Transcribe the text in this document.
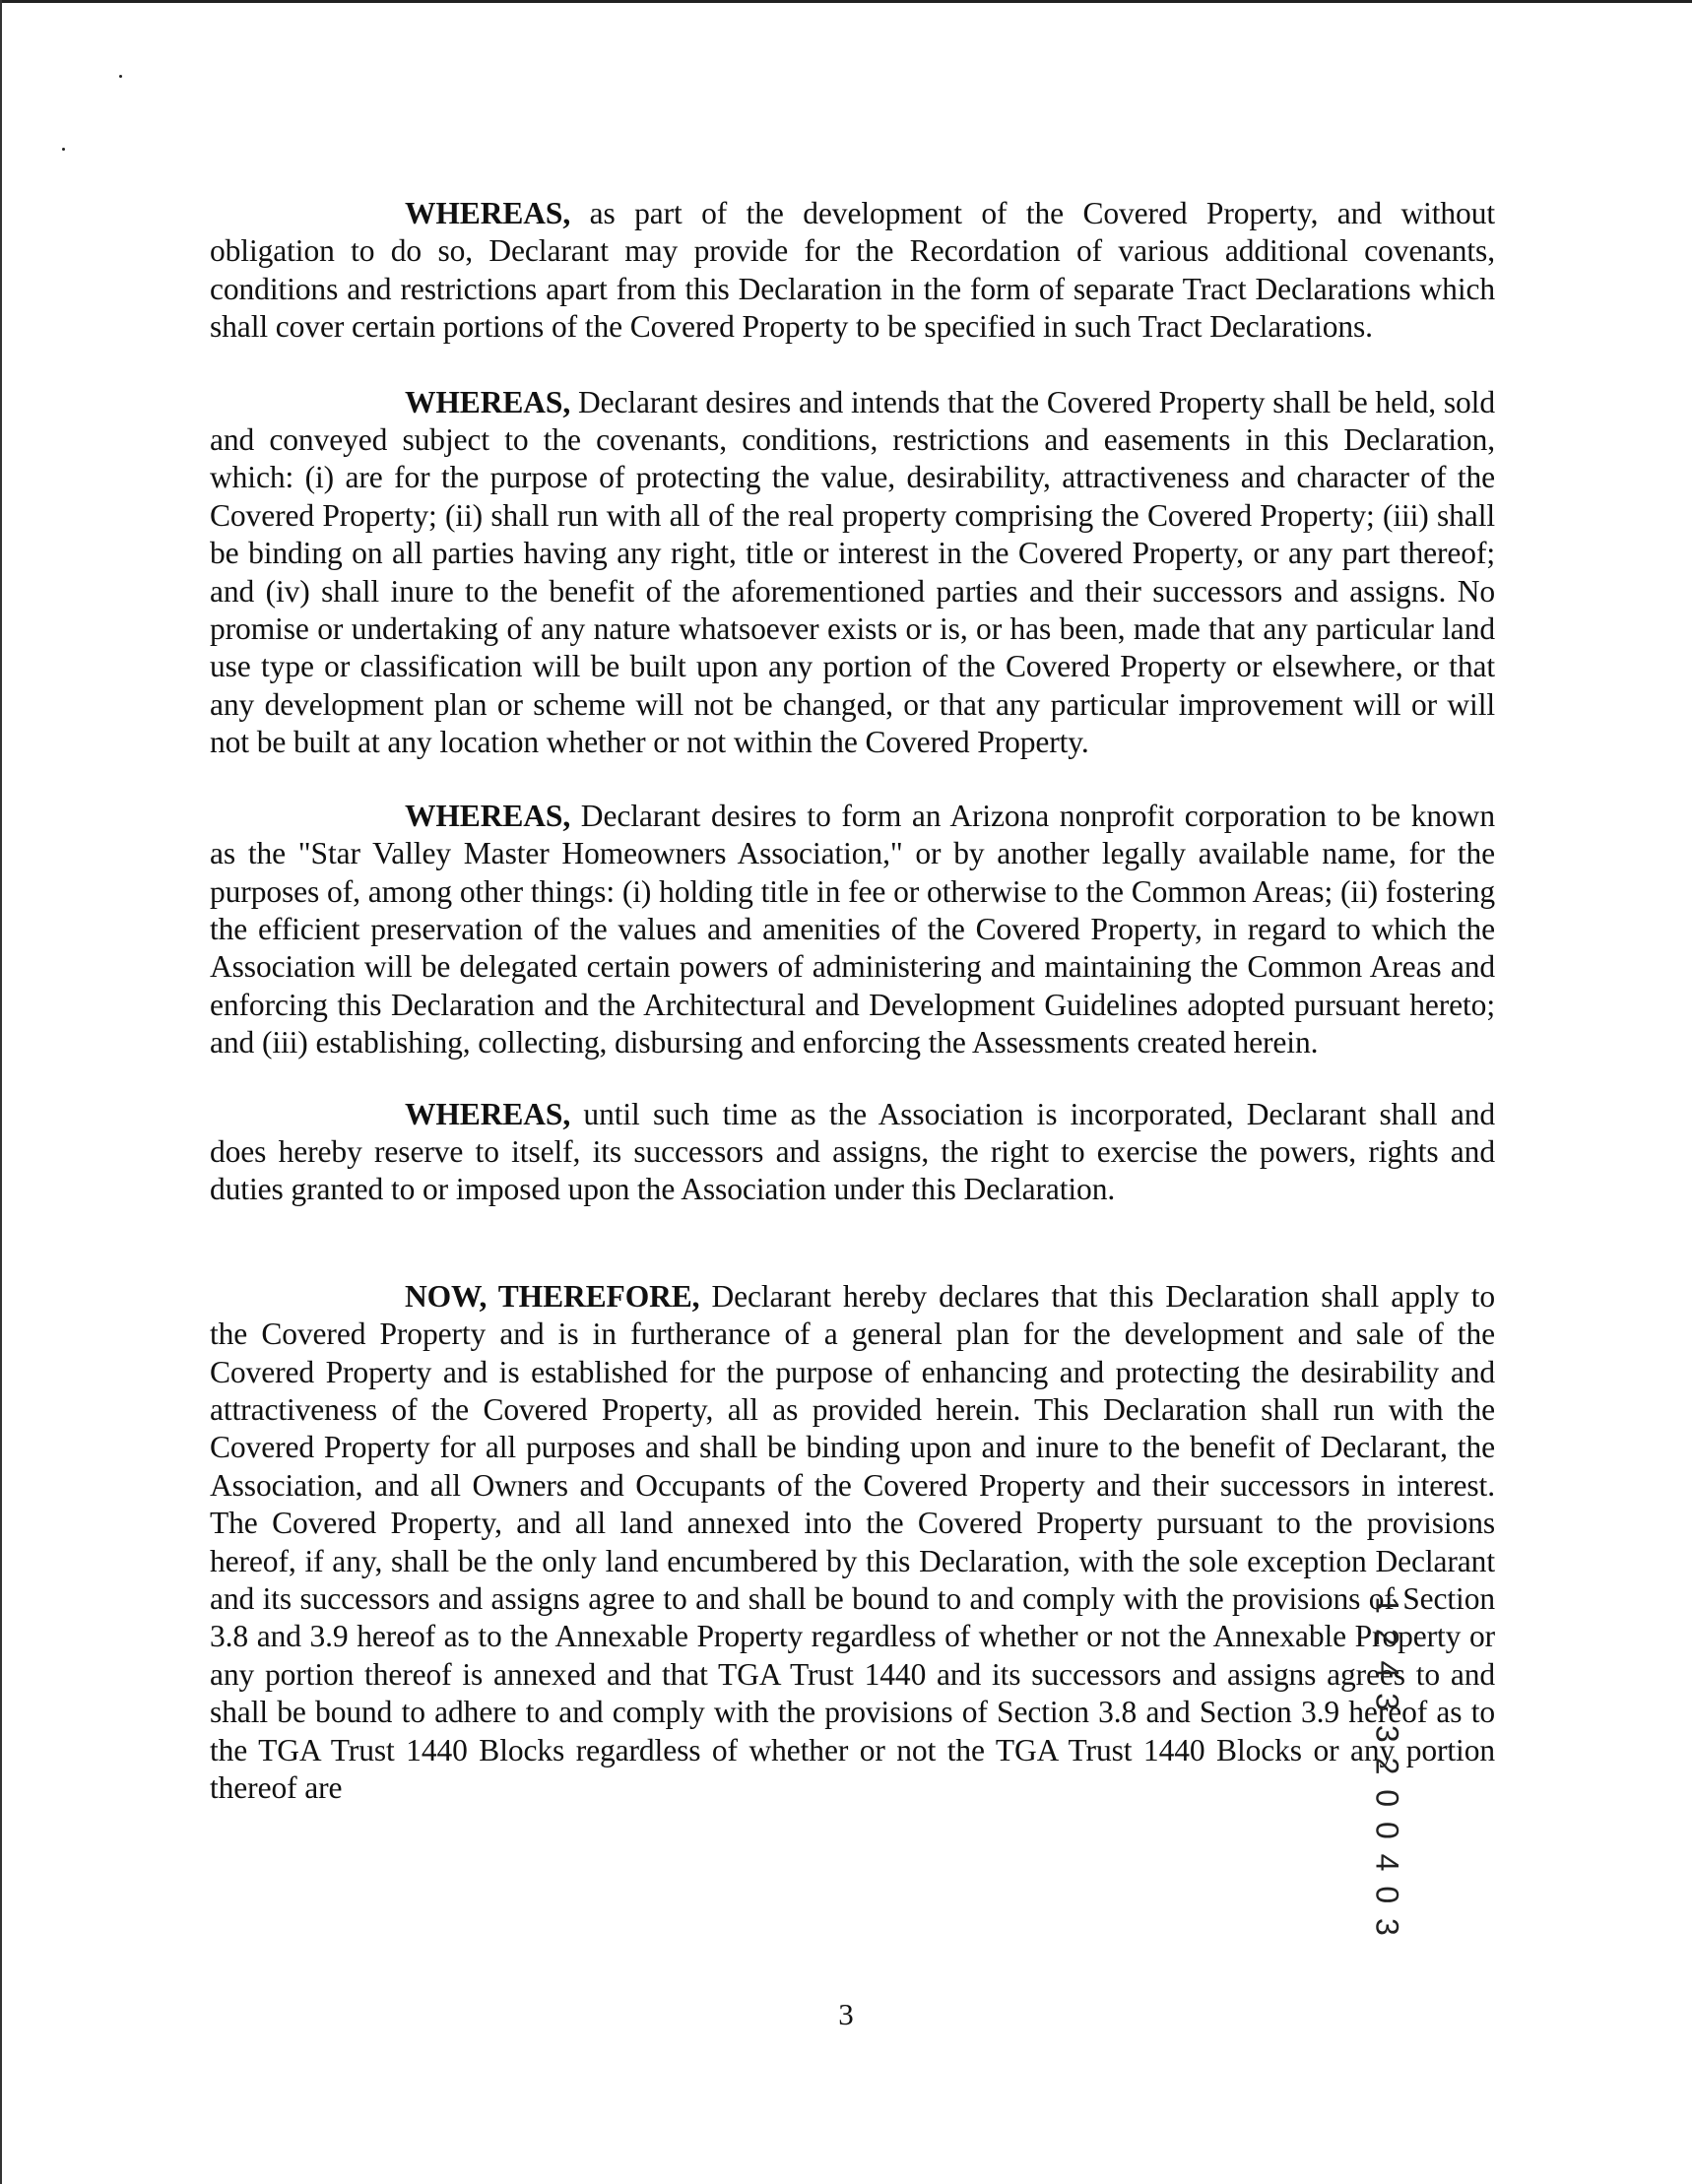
WHEREAS, as part of the development of the Covered Property, and without obligation to do so, Declarant may provide for the Recordation of various additional covenants, conditions and restrictions apart from this Declaration in the form of separate Tract Declarations which shall cover certain portions of the Covered Property to be specified in such Tract Declarations.

WHEREAS, Declarant desires and intends that the Covered Property shall be held, sold and conveyed subject to the covenants, conditions, restrictions and easements in this Declaration, which: (i) are for the purpose of protecting the value, desirability, attractiveness and character of the Covered Property; (ii) shall run with all of the real property comprising the Covered Property; (iii) shall be binding on all parties having any right, title or interest in the Covered Property, or any part thereof; and (iv) shall inure to the benefit of the aforementioned parties and their successors and assigns. No promise or undertaking of any nature whatsoever exists or is, or has been, made that any particular land use type or classification will be built upon any portion of the Covered Property or elsewhere, or that any development plan or scheme will not be changed, or that any particular improvement will or will not be built at any location whether or not within the Covered Property.

WHEREAS, Declarant desires to form an Arizona nonprofit corporation to be known as the "Star Valley Master Homeowners Association," or by another legally available name, for the purposes of, among other things: (i) holding title in fee or otherwise to the Common Areas; (ii) fostering the efficient preservation of the values and amenities of the Covered Property, in regard to which the Association will be delegated certain powers of administering and maintaining the Common Areas and enforcing this Declaration and the Architectural and Development Guidelines adopted pursuant hereto; and (iii) establishing, collecting, disbursing and enforcing the Assessments created herein.

WHEREAS, until such time as the Association is incorporated, Declarant shall and does hereby reserve to itself, its successors and assigns, the right to exercise the powers, rights and duties granted to or imposed upon the Association under this Declaration.

NOW, THEREFORE, Declarant hereby declares that this Declaration shall apply to the Covered Property and is in furtherance of a general plan for the development and sale of the Covered Property and is established for the purpose of enhancing and protecting the desirability and attractiveness of the Covered Property, all as provided herein. This Declaration shall run with the Covered Property for all purposes and shall be binding upon and inure to the benefit of Declarant, the Association, and all Owners and Occupants of the Covered Property and their successors in interest. The Covered Property, and all land annexed into the Covered Property pursuant to the provisions hereof, if any, shall be the only land encumbered by this Declaration, with the sole exception Declarant and its successors and assigns agree to and shall be bound to and comply with the provisions of Section 3.8 and 3.9 hereof as to the Annexable Property regardless of whether or not the Annexable Property or any portion thereof is annexed and that TGA Trust 1440 and its successors and assigns agrees to and shall be bound to adhere to and comply with the provisions of Section 3.8 and Section 3.9 hereof as to the TGA Trust 1440 Blocks regardless of whether or not the TGA Trust 1440 Blocks or any portion thereof are

3
1 2 4 3 3 2 0 0 4 0 3
